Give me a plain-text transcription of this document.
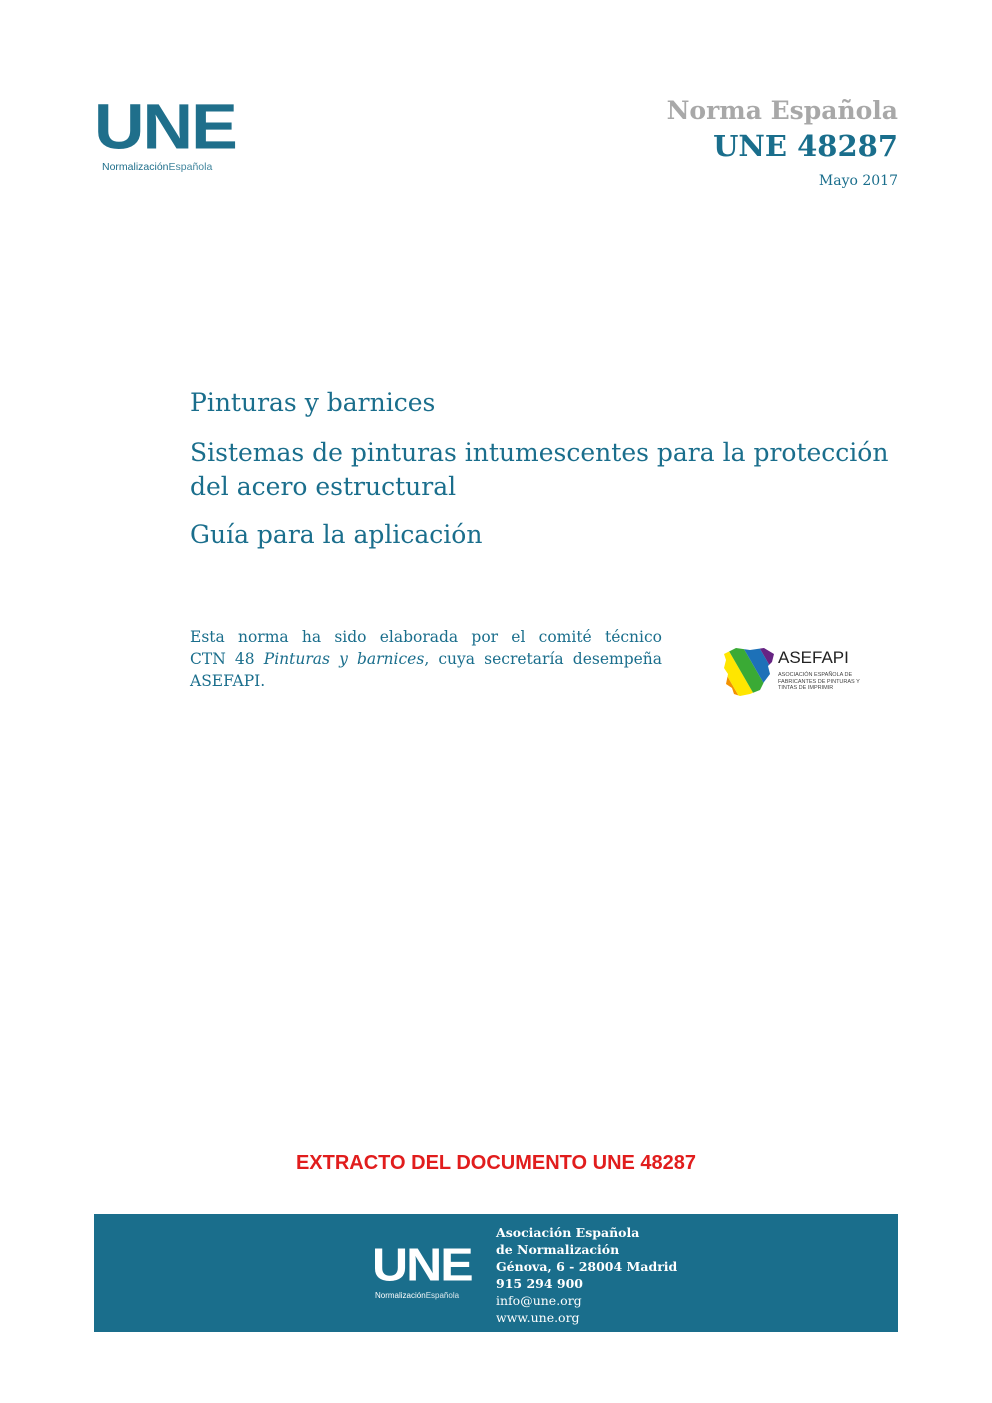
UNE
NormalizaciónEspañola
Norma Española
UNE 48287
Mayo 2017
Pinturas y barnices
Sistemas de pinturas intumescentes para la protección del acero estructural
Guía para la aplicación
Esta norma ha sido elaborada por el comité técnico
CTN 48 Pinturas y barnices, cuya secretaría desempeña
ASEFAPI.
ASEFAPI
ASOCIACIÓN ESPAÑOLA DE FABRICANTES DE PINTURAS Y TINTAS DE IMPRIMIR
EXTRACTO DEL DOCUMENTO UNE 48287
UNE
NormalizaciónEspañola
Asociación Española
de Normalización
Génova, 6 - 28004 Madrid
915 294 900
info@une.org
www.une.org
